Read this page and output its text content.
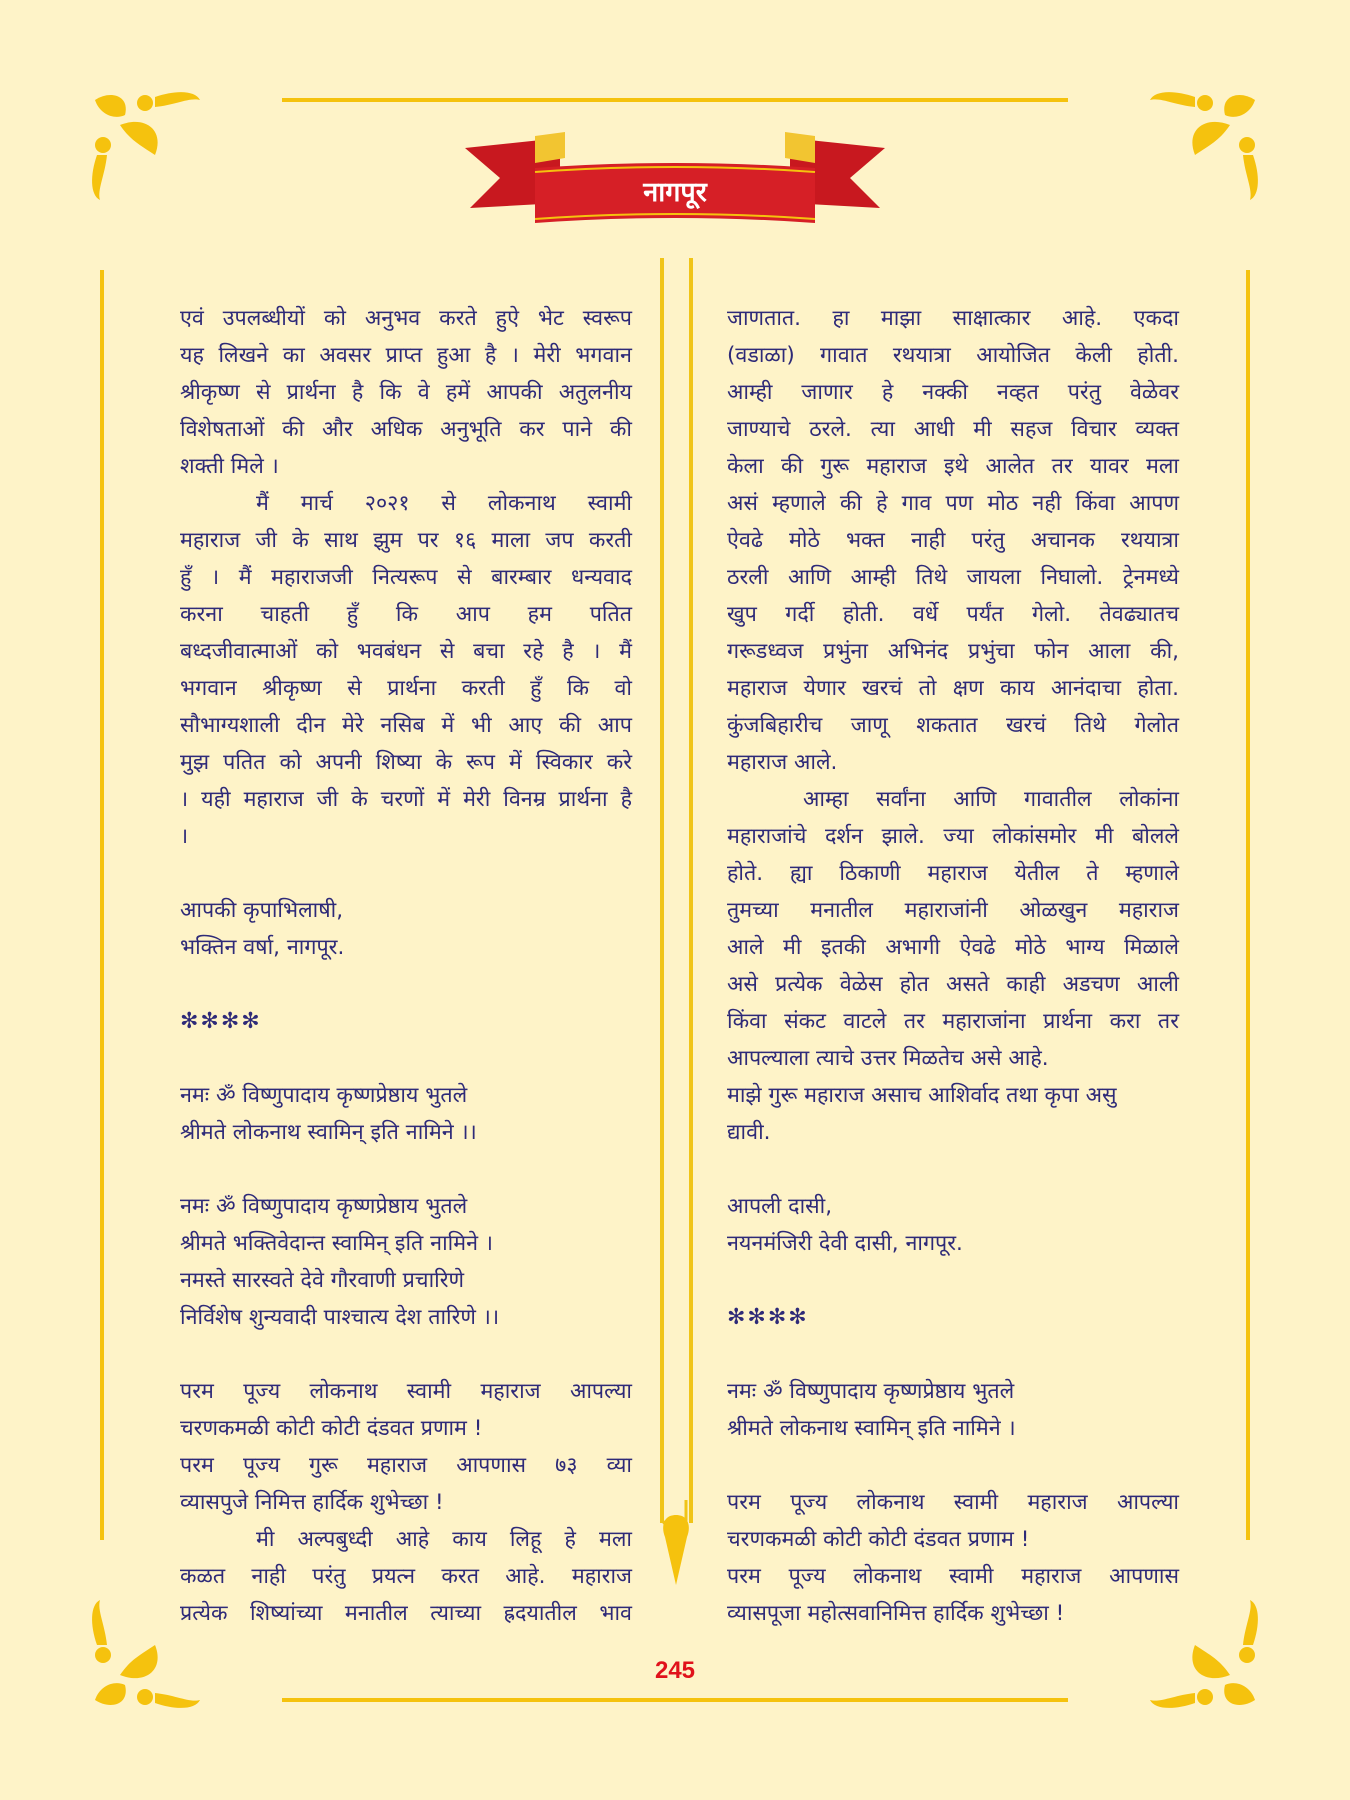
नागपूर
एवं उपलब्धीयों को अनुभव करते हुऐ भेट स्वरूप
यह लिखने का अवसर प्राप्त हुआ है । मेरी भगवान
श्रीकृष्ण से प्रार्थना है कि वे हमें आपकी अतुलनीय
विशेषताओं की और अधिक अनुभूति कर पाने की
शक्ती मिले ।
मैं मार्च २०२१ से लोकनाथ स्वामी
महाराज जी के साथ झुम पर १६ माला जप करती
हुँ । मैं महाराजजी नित्यरूप से बारम्बार धन्यवाद
करना चाहती हुँ कि आप हम पतित
बध्दजीवात्माओं को भवबंधन से बचा रहे है । मैं
भगवान श्रीकृष्ण से प्रार्थना करती हुँ कि वो
सौभाग्यशाली दीन मेरे नसिब में भी आए की आप
मुझ पतित को अपनी शिष्या के रूप में स्विकार करे
। यही महाराज जी के चरणों में मेरी विनम्र प्रार्थना है
।
आपकी कृपाभिलाषी,
भक्तिन वर्षा, नागपूर.
✻✻✻✻
नमः ॐ विष्णुपादाय कृष्णप्रेष्ठाय भुतले
श्रीमते लोकनाथ स्वामिन् इति नामिने ।।
नमः ॐ विष्णुपादाय कृष्णप्रेष्ठाय भुतले
श्रीमते भक्तिवेदान्त स्वामिन् इति नामिने ।
नमस्ते सारस्वते देवे गौरवाणी प्रचारिणे
निर्विशेष शुन्यवादी पाश्चात्य देश तारिणे ।।
परम पूज्य लोकनाथ स्वामी महाराज आपल्या
चरणकमळी कोटी कोटी दंडवत प्रणाम !
परम पूज्य गुरू महाराज आपणास ७३ व्या
व्यासपुजे निमित्त हार्दिक शुभेच्छा !
मी अल्पबुध्दी आहे काय लिहू हे मला
कळत नाही परंतु प्रयत्न करत आहे. महाराज
प्रत्येक शिष्यांच्या मनातील त्याच्या ह्रदयातील भाव
जाणतात. हा माझा साक्षात्कार आहे. एकदा
(वडाळा) गावात रथयात्रा आयोजित केली होती.
आम्ही जाणार हे नक्की नव्हत परंतु वेळेवर
जाण्याचे ठरले. त्या आधी मी सहज विचार व्यक्त
केला की गुरू महाराज इथे आलेत तर यावर मला
असं म्हणाले की हे गाव पण मोठ नही किंवा आपण
ऐवढे मोठे भक्त नाही परंतु अचानक रथयात्रा
ठरली आणि आम्ही तिथे जायला निघालो. ट्रेनमध्ये
खुप गर्दी होती. वर्धे पर्यंत गेलो. तेवढ्यातच
गरूडध्वज प्रभुंना अभिनंद प्रभुंचा फोन आला की,
महाराज येणार खरचं तो क्षण काय आनंदाचा होता.
कुंजबिहारीच जाणू शकतात खरचं तिथे गेलोत
महाराज आले.
आम्हा सर्वांना आणि गावातील लोकांना
महाराजांचे दर्शन झाले. ज्या लोकांसमोर मी बोलले
होते. ह्या ठिकाणी महाराज येतील ते म्हणाले
तुमच्या मनातील महाराजांनी ओळखुन महाराज
आले मी इतकी अभागी ऐवढे मोठे भाग्य मिळाले
असे प्रत्येक वेळेस होत असते काही अडचण आली
किंवा संकट वाटले तर महाराजांना प्रार्थना करा तर
आपल्याला त्याचे उत्तर मिळतेच असे आहे.
माझे गुरू महाराज असाच आशिर्वाद तथा कृपा असु
द्यावी.
आपली दासी,
नयनमंजिरी देवी दासी, नागपूर.
✻✻✻✻
नमः ॐ विष्णुपादाय कृष्णप्रेष्ठाय भुतले
श्रीमते लोकनाथ स्वामिन् इति नामिने ।
परम पूज्य लोकनाथ स्वामी महाराज आपल्या
चरणकमळी कोटी कोटी दंडवत प्रणाम !
परम पूज्य लोकनाथ स्वामी महाराज आपणास
व्यासपूजा महोत्सवानिमित्त हार्दिक शुभेच्छा !
245
